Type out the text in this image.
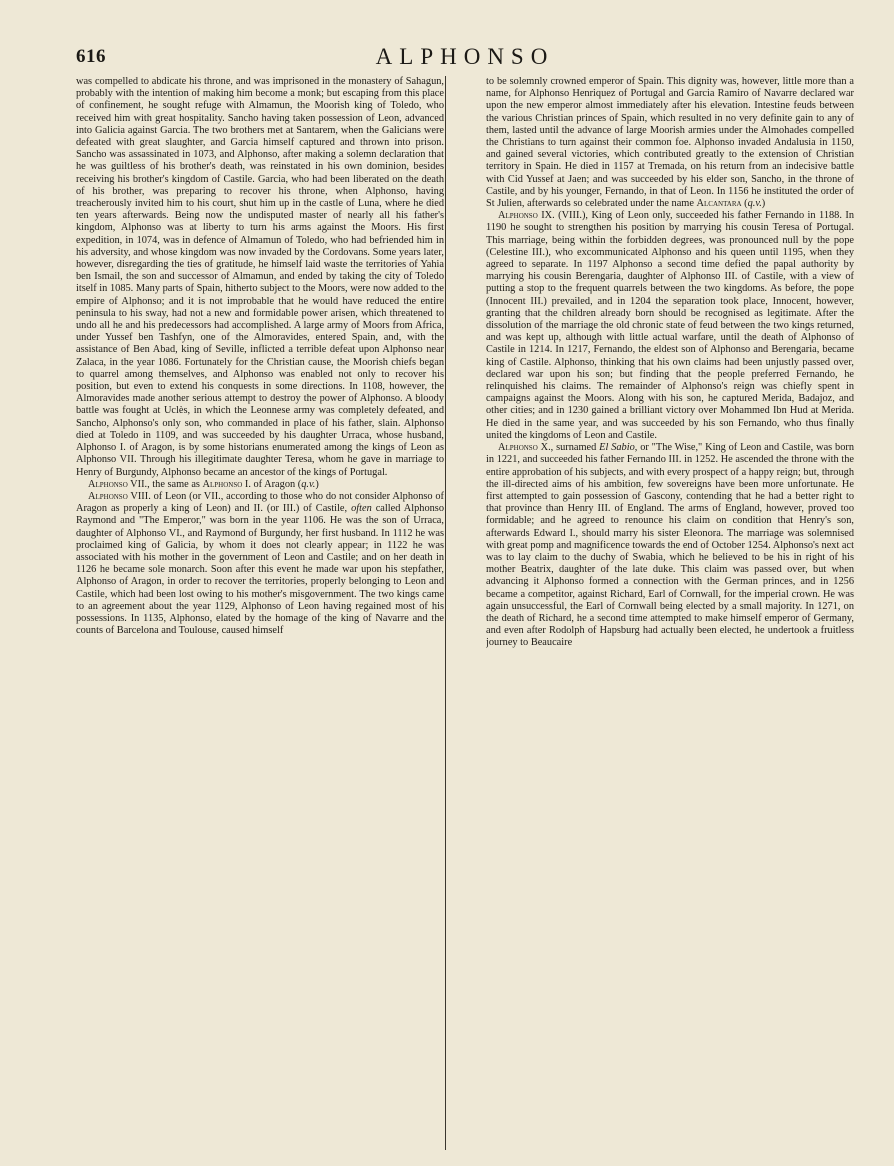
616	ALPHONSO

was compelled to abdicate his throne, and was imprisoned in the monastery of Sahagun, probably with the intention of making him become a monk; but escaping from this place of confinement, he sought refuge with Almamun, the Moorish king of Toledo, who received him with great hospitality. Sancho having taken possession of Leon, advanced into Galicia against Garcia. The two brothers met at Santarem, when the Galicians were defeated with great slaughter, and Garcia himself captured and thrown into prison. Sancho was assassinated in 1073, and Alphonso, after making a solemn declaration that he was guiltless of his brother's death, was reinstated in his own dominion, besides receiving his brother's kingdom of Castile. Garcia, who had been liberated on the death of his brother, was preparing to recover his throne, when Alphonso, having treacherously invited him to his court, shut him up in the castle of Luna, where he died ten years afterwards. Being now the undisputed master of nearly all his father's kingdom, Alphonso was at liberty to turn his arms against the Moors. His first expedition, in 1074, was in defence of Almamun of Toledo, who had befriended him in his adversity, and whose kingdom was now invaded by the Cordovans. Some years later, however, disregarding the ties of gratitude, he himself laid waste the territories of Yahia ben Ismail, the son and successor of Almamun, and ended by taking the city of Toledo itself in 1085. Many parts of Spain, hitherto subject to the Moors, were now added to the empire of Alphonso; and it is not improbable that he would have reduced the entire peninsula to his sway, had not a new and formidable power arisen, which threatened to undo all he and his predecessors had accomplished. A large army of Moors from Africa, under Yussef ben Tashfyn, one of the Almoravides, entered Spain, and, with the assistance of Ben Abad, king of Seville, inflicted a terrible defeat upon Alphonso near Zalaca, in the year 1086. Fortunately for the Christian cause, the Moorish chiefs began to quarrel among themselves, and Alphonso was enabled not only to recover his position, but even to extend his conquests in some directions. In 1108, however, the Almoravides made another serious attempt to destroy the power of Alphonso. A bloody battle was fought at Uclès, in which the Leonnese army was completely defeated, and Sancho, Alphonso's only son, who commanded in place of his father, slain. Alphonso died at Toledo in 1109, and was succeeded by his daughter Urraca, whose husband, Alphonso I. of Aragon, is by some historians enumerated among the kings of Leon as Alphonso VII. Through his illegitimate daughter Teresa, whom he gave in marriage to Henry of Burgundy, Alphonso became an ancestor of the kings of Portugal.

Alphonso VII., the same as Alphonso I. of Aragon (q.v.)

Alphonso VIII. of Leon (or VII., according to those who do not consider Alphonso of Aragon as properly a king of Leon) and II. (or III.) of Castile, often called Alphonso Raymond and "The Emperor," was born in the year 1106. He was the son of Urraca, daughter of Alphonso VI., and Raymond of Burgundy, her first husband. In 1112 he was proclaimed king of Galicia, by whom it does not clearly appear; in 1122 he was associated with his mother in the government of Leon and Castile; and on her death in 1126 he became sole monarch. Soon after this event he made war upon his stepfather, Alphonso of Aragon, in order to recover the territories, properly belonging to Leon and Castile, which had been lost owing to his mother's misgovernment. The two kings came to an agreement about the year 1129, Alphonso of Leon having regained most of his possessions. In 1135, Alphonso, elated by the homage of the king of Navarre and the counts of Barcelona and Toulouse, caused himself

to be solemnly crowned emperor of Spain. This dignity was, however, little more than a name, for Alphonso Henriquez of Portugal and Garcia Ramiro of Navarre declared war upon the new emperor almost immediately after his elevation. Intestine feuds between the various Christian princes of Spain, which resulted in no very definite gain to any of them, lasted until the advance of large Moorish armies under the Almohades compelled the Christians to turn against their common foe. Alphonso invaded Andalusia in 1150, and gained several victories, which contributed greatly to the extension of Christian territory in Spain. He died in 1157 at Tremada, on his return from an indecisive battle with Cid Yussef at Jaen; and was succeeded by his elder son, Sancho, in the throne of Castile, and by his younger, Fernando, in that of Leon. In 1156 he instituted the order of St Julien, afterwards so celebrated under the name Alcantara (q.v.)

Alphonso IX. (VIII.), King of Leon only, succeeded his father Fernando in 1188. In 1190 he sought to strengthen his position by marrying his cousin Teresa of Portugal. This marriage, being within the forbidden degrees, was pronounced null by the pope (Celestine III.), who excommunicated Alphonso and his queen until 1195, when they agreed to separate. In 1197 Alphonso a second time defied the papal authority by marrying his cousin Berengaria, daughter of Alphonso III. of Castile, with a view of putting a stop to the frequent quarrels between the two kingdoms. As before, the pope (Innocent III.) prevailed, and in 1204 the separation took place, Innocent, however, granting that the children already born should be recognised as legitimate. After the dissolution of the marriage the old chronic state of feud between the two kings returned, and was kept up, although with little actual warfare, until the death of Alphonso of Castile in 1214. In 1217, Fernando, the eldest son of Alphonso and Berengaria, became king of Castile. Alphonso, thinking that his own claims had been unjustly passed over, declared war upon his son; but finding that the people preferred Fernando, he relinquished his claims. The remainder of Alphonso's reign was chiefly spent in campaigns against the Moors. Along with his son, he captured Merida, Badajoz, and other cities; and in 1230 gained a brilliant victory over Mohammed Ibn Hud at Merida. He died in the same year, and was succeeded by his son Fernando, who thus finally united the kingdoms of Leon and Castile.

Alphonso X., surnamed El Sabio, or "The Wise," King of Leon and Castile, was born in 1221, and succeeded his father Fernando III. in 1252. He ascended the throne with the entire approbation of his subjects, and with every prospect of a happy reign; but, through the ill-directed aims of his ambition, few sovereigns have been more unfortunate. He first attempted to gain possession of Gascony, contending that he had a better right to that province than Henry III. of England. The arms of England, however, proved too formidable; and he agreed to renounce his claim on condition that Henry's son, afterwards Edward I., should marry his sister Eleonora. The marriage was solemnised with great pomp and magnificence towards the end of October 1254. Alphonso's next act was to lay claim to the duchy of Swabia, which he believed to be his in right of his mother Beatrix, daughter of the late duke. This claim was passed over, but when advancing it Alphonso formed a connection with the German princes, and in 1256 became a competitor, against Richard, Earl of Cornwall, for the imperial crown. He was again unsuccessful, the Earl of Cornwall being elected by a small majority. In 1271, on the death of Richard, he a second time attempted to make himself emperor of Germany, and even after Rodolph of Hapsburg had actually been elected, he undertook a fruitless journey to Beaucaire
